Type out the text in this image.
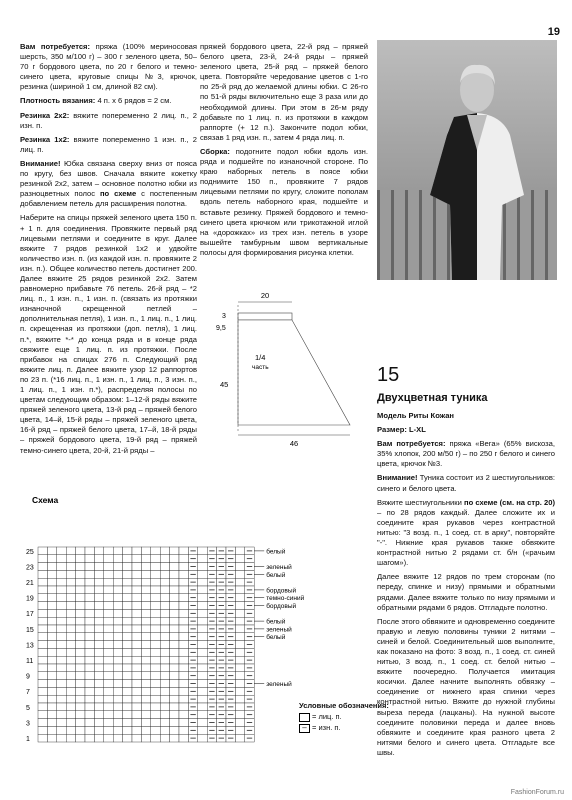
19

Вам потребуется: пряжа (100% мериносовая шерсть, 350 м/100 г) – 300 г зеленого цвета, 50–70 г бордового цвета, по 20 г белого и темно-синего цвета, круговые спицы №3, крючок, резинка (шириной 1 см, длиной 82 см).

Плотность вязания: 4 п. х 6 рядов = 2 см.

Резинка 2х2: вяжите попеременно 2 лиц. п., 2 изн. п.

Резинка 1х2: вяжите попеременно 1 изн. п., 2 лиц. п.

Внимание! Юбка связана сверху вниз от пояса по кругу, без швов. Сначала вяжите кокетку резинкой 2х2, затем – основное полотно юбки из разноцветных полос по схеме с постепенным добавлением петель для расширения полотна.

Наберите на спицы пряжей зеленого цвета 150 п. + 1 п. для соединения. Провяжите первый ряд лицевыми петлями и соедините в круг. Далее вяжите 7 рядов резинкой 1х2 и удвойте количество изн. п. (из каждой изн. п. провяжите 2 изн. п.). Общее количество петель достигнет 200. Далее вяжите 25 рядов резинкой 2х2. Затем равномерно прибавьте 76 петель. 26-й ряд – *2 лиц. п., 1 изн. п., 1 изн. п. (связать из протяжки изнаночной скрещенной петлей – дополнительная петля), 1 изн. п., 1 лиц. п., 1 лиц. п. скрещенная из протяжки (доп. петля), 1 лиц. п.*, вяжите *-* до конца ряда и в конце ряда свяжите еще 1 лиц. п. из протяжки. После прибавок на спицах 276 п. Следующий ряд вяжите лиц. п. Далее вяжите узор 12 раппортов по 23 п. (*16 лиц. п., 1 изн. п., 1 лиц. п., 3 изн. п., 1 лиц. п., 1 изн. п.*), распределяя полосы по цветам следующим образом: 1–12-й ряды вяжите пряжей зеленого цвета, 13-й ряд – пряжей белого цвета, 14–й, 15-й ряды – пряжей зеленого цвета, 16-й ряд – пряжей белого цвета, 17–й, 18-й ряды – пряжей бордового цвета, 19-й ряд – пряжей темно-синего цвета, 20-й, 21-й ряды –

пряжей бордового цвета, 22-й ряд – пряжей белого цвета, 23-й, 24-й ряды – пряжей зеленого цвета, 25-й ряд – пряжей белого цвета. Повторяйте чередование цветов с 1-го по 25-й ряд до желаемой длины юбки. С 26-го по 51-й ряды включительно еще 3 раза или до необходимой длины. При этом в 26-м ряду добавьте по 1 лиц. п. из протяжки в каждом раппорте (+ 12 п.). Закончите подол юбки, связав 1 ряд изн. п., затем 4 ряда лиц. п.

Сборка: подогните подол юбки вдоль изн. ряда и подшейте по изнаночной стороне. По краю наборных петель в поясе юбки поднимите 150 п., провяжите 7 рядов лицевыми петлями по кругу, сложите пополам вдоль петель наборного края, подшейте и вставьте резинку. Пряжей бордового и темно-синего цвета крючком или трикотажной иглой на «дорожках» из трех изн. петель в узоре вышейте тамбурным швом вертикальные полосы для формирования рисунка клетки.

20
3
9,5
45
1/4
часть
46
15
Двухцветная туника

Модель Риты Кожан

Размер: L-XL

Вам потребуется: пряжа «Вега» (65% вискоза, 35% хлопок, 200 м/50 г) – по 250 г белого и синего цвета, крючок №3.

Внимание! Туника состоит из 2 шестиугольников: синего и белого цвета.

Вяжите шестиугольники по схеме (см. на стр. 20) – по 28 рядов каждый. Далее сложите их и соедините края рукавов через контрастной нитью: "3 возд. п., 1 соед. ст. в арку", повторяйте "-". Нижние края рукавов также обвяжите контрастной нитью 2 рядами ст. б/н («рачьим шагом»).

Далее вяжите 12 рядов по трем сторонам (по переду, спинке и низу) прямыми и обратными рядами. Далее вяжите только по низу прямыми и обратными рядами 6 рядов. Отгладьте полотно.

После этого обвяжите и одновременно соедините правую и левую половины туники 2 нитями – синей и белой. Соединительный шов выполните, как показано на фото: 3 возд. п., 1 соед. ст. синей нитью, 3 возд. п., 1 соед. ст. белой нитью – вяжите поочередно. Получается имитация косички. Далее начните выполнять обвязку – соединение от нижнего края спинки через контрастной нитью. Вяжите до нужной глубины выреза переда (лацканы). На нужной высоте соедините половинки переда и далее вновь обвяжите и соедините края разного цвета 2 нитями белого и синего цвета. Отгладьте все швы.

Схема
25
23
21
19
17
15
13
11
9
7
5
3
1
белый
зеленый
белый
бордовый
темно-синий
бордовый
белый
зеленый
белый
зеленый
Условные обозначения:
= лиц. п.
– = изн. п.
FashionForum.ru
